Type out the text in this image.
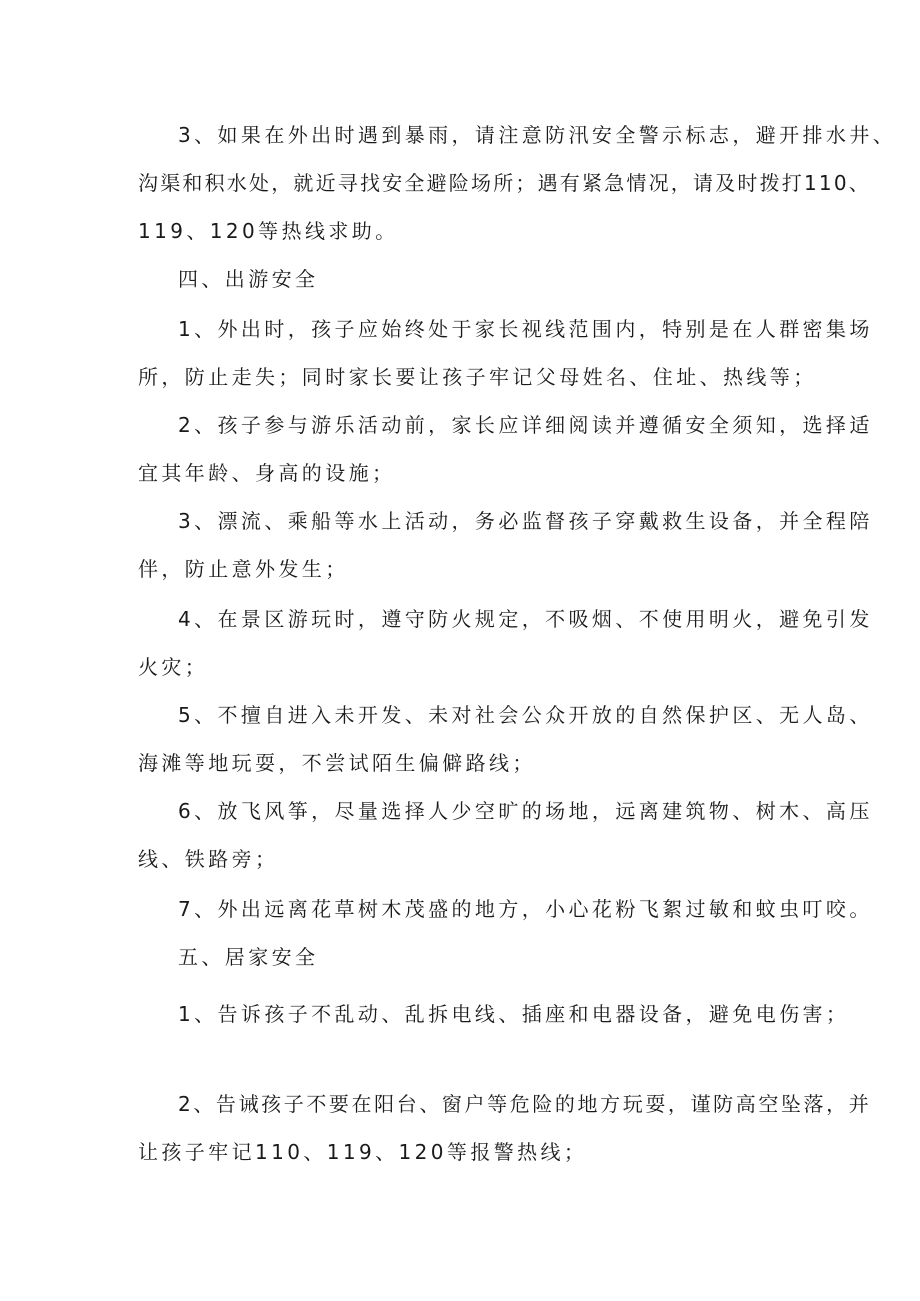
3、如果在外出时遇到暴雨，请注意防汛安全警示标志，避开排水井、
沟渠和积水处，就近寻找安全避险场所；遇有紧急情况，请及时拨打110、
119、120等热线求助。
四、出游安全
1、外出时，孩子应始终处于家长视线范围内，特别是在人群密集场
所，防止走失；同时家长要让孩子牢记父母姓名、住址、热线等；
2、孩子参与游乐活动前，家长应详细阅读并遵循安全须知，选择适
宜其年龄、身高的设施；
3、漂流、乘船等水上活动，务必监督孩子穿戴救生设备，并全程陪
伴，防止意外发生；
4、在景区游玩时，遵守防火规定，不吸烟、不使用明火，避免引发
火灾；
5、不擅自进入未开发、未对社会公众开放的自然保护区、无人岛、
海滩等地玩耍，不尝试陌生偏僻路线；
6、放飞风筝，尽量选择人少空旷的场地，远离建筑物、树木、高压
线、铁路旁；
7、外出远离花草树木茂盛的地方，小心花粉飞絮过敏和蚊虫叮咬。
五、居家安全
1、告诉孩子不乱动、乱拆电线、插座和电器设备，避免电伤害；
2、告诫孩子不要在阳台、窗户等危险的地方玩耍，谨防高空坠落，并
让孩子牢记110、119、120等报警热线；
